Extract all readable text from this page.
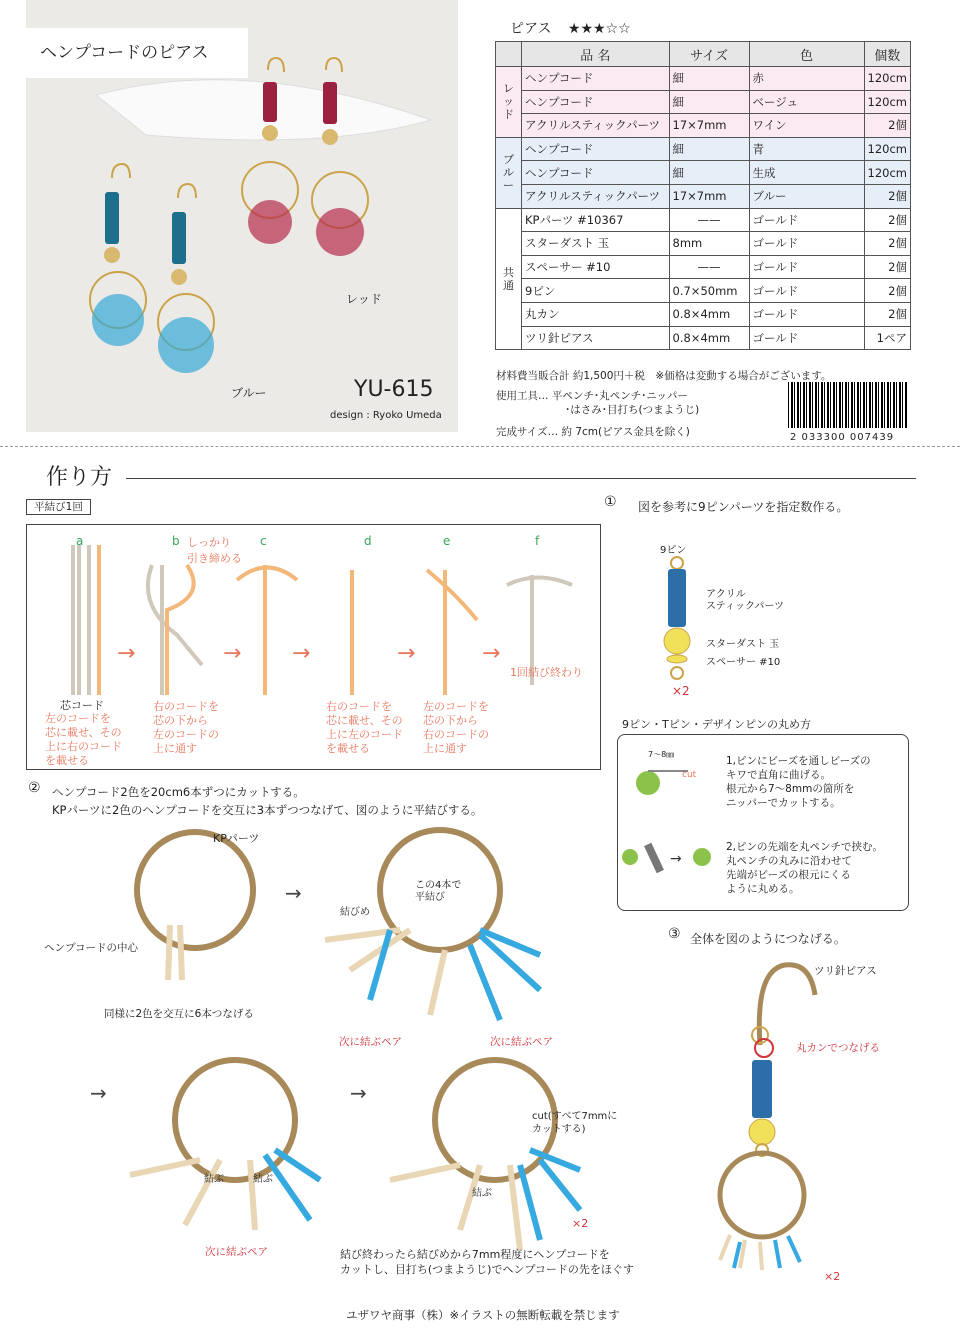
ヘンプコードのピアス
レッド
ブルー	YU-615
design : Ryoko Umeda
ピアス ★★★☆☆
	品 名	サイズ	色	個数
レッド	ヘンプコード	細	赤	120cm
	ヘンプコード	細	ベージュ	120cm
	アクリルスティックパーツ	17×7mm	ワイン	2個
ブルー	ヘンプコード	細	青	120cm
	ヘンプコード	細	生成	120cm
	アクリルスティックパーツ	17×7mm	ブルー	2個
共通	KPパーツ #10367	——	ゴールド	2個
	スターダスト 玉	8mm	ゴールド	2個
	スペーサー #10	——	ゴールド	2個
	9ピン	0.7×50mm	ゴールド	2個
	丸カン	0.8×4mm	ゴールド	2個
	ツリ針ピアス	0.8×4mm	ゴールド	1ペア
材料費当販合計 約1,500円＋税　※価格は変動する場合がございます。
使用工具… 平ペンチ･丸ペンチ･ニッパー
･はさみ･目打ち(つまようじ)
完成サイズ… 約 7cm(ピアス金具を除く)	2 033300 007439
作り方
平結び1回
→	→ →	→	→
a	b	c	d	e	f
しっかり
引き締める
芯コード
左のコードを
芯に載せ、その
上に右のコード
を載せる
右のコードを
芯の下から
左のコードの
上に通す
右のコードを
芯に載せ、その
上に左のコード
を載せる
左のコードを
芯の下から
右のコードの
上に通す
1回結び終わり
① 図を参考に9ピンパーツを指定数作る。
9ピン
アクリル
スティックパーツ
スターダスト 玉
スペーサー #10
×2
9ピン・Tピン・デザインピンの丸め方
→
7〜8㎜
cut
1,ピンにビーズを通しビーズの
キワで直角に曲げる。
根元から7〜8mmの箇所を
ニッパーでカットする。
2,ピンの先端を丸ペンチで挟む。
丸ペンチの丸みに沿わせて
先端がビーズの根元にくる
ように丸める。
② ヘンプコード2色を20cm6本ずつにカットする。
KPパーツに2色のヘンプコードを交互に3本ずつつなげて、図のように平結びする。
→
→	→
KPパーツ
ヘンプコードの中心
同様に2色を交互に6本つなげる
結びめ
この4本で
平結び
次に結ぶペア	次に結ぶペア
次に結ぶペア
結ぶ	結ぶ
結ぶ
cut(すべて7mmに
カットする)
×2
結び終わったら結びめから7mm程度にヘンプコードを
カットし、目打ち(つまようじ)でヘンプコードの先をほぐす
③ 全体を図のようにつなげる。
ツリ針ピアス
丸カンでつなげる
×2
ユザワヤ商事（株）※イラストの無断転載を禁じます
